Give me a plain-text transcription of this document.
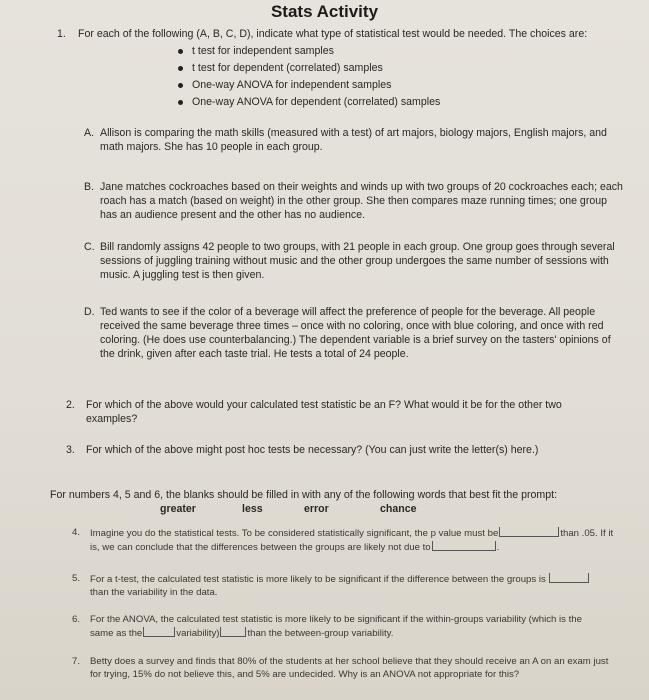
Stats Activity
1.	For each of the following (A, B, C, D), indicate what type of statistical test would be needed. The choices are:
t test for independent samples
t test for dependent (correlated) samples
One-way ANOVA for independent samples
One-way ANOVA for dependent (correlated) samples
A. Allison is comparing the math skills (measured with a test) of art majors, biology majors, English majors, and math majors. She has 10 people in each group.
B. Jane matches cockroaches based on their weights and winds up with two groups of 20 cockroaches each; each roach has a match (based on weight) in the other group. She then compares maze running times; one group has an audience present and the other has no audience.
C. Bill randomly assigns 42 people to two groups, with 21 people in each group. One group goes through several sessions of juggling training without music and the other group undergoes the same number of sessions with music. A juggling test is then given.
D. Ted wants to see if the color of a beverage will affect the preference of people for the beverage. All people received the same beverage three times – once with no coloring, once with blue coloring, and once with red coloring. (He does use counterbalancing.) The dependent variable is a brief survey on the tasters' opinions of the drink, given after each taste trial. He tests a total of 24 people.
2.	For which of the above would your calculated test statistic be an F? What would it be for the other two examples?
3.	For which of the above might post hoc tests be necessary? (You can just write the letter(s) here.)
For numbers 4, 5 and 6, the blanks should be filled in with any of the following words that best fit the prompt:
greater	less	error	chance
4.	Imagine you do the statistical tests. To be considered statistically significant, the p value must be	than .05. If it is, we can conclude that the differences between the groups are likely not due to	.
5.	For a t-test, the calculated test statistic is more likely to be significant if the difference between the groups is than the variability in the data.
6.	For the ANOVA, the calculated test statistic is more likely to be significant if the within-groups variability (which is the same as the	variability)	than the between-group variability.
7.	Betty does a survey and finds that 80% of the students at her school believe that they should receive an A on an exam just for trying, 15% do not believe this, and 5% are undecided. Why is an ANOVA not appropriate for this?
